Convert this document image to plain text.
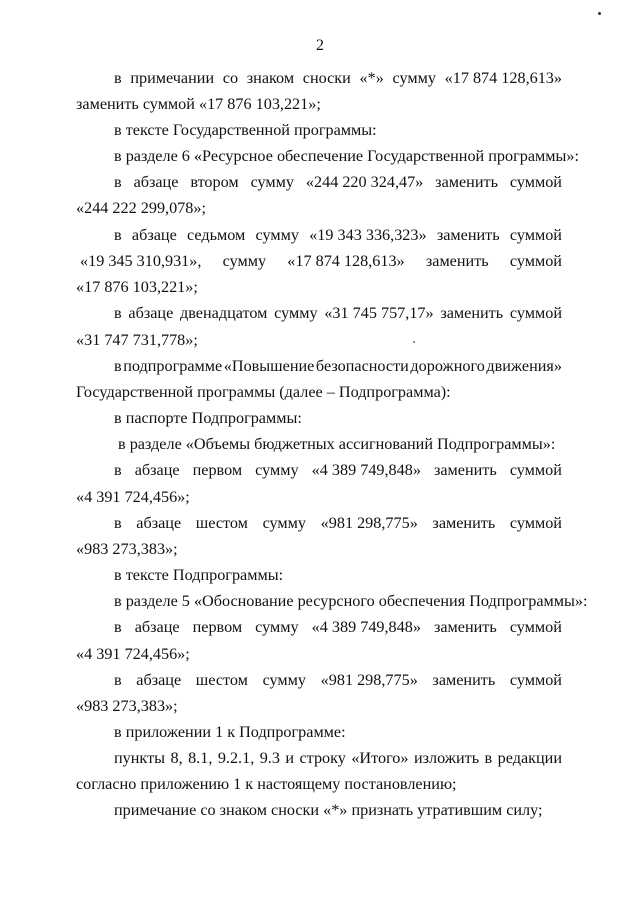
2
в примечании со знаком сноски «*» сумму «17 874 128,613»
заменить суммой «17 876 103,221»;
в тексте Государственной программы:
в разделе 6 «Ресурсное обеспечение Государственной программы»:
в абзаце втором сумму «244 220 324,47» заменить суммой
«244 222 299,078»;
в абзаце седьмом сумму «19 343 336,323» заменить суммой
«19 345 310,931», сумму «17 874 128,613» заменить суммой
«17 876 103,221»;
в абзаце двенадцатом сумму «31 745 757,17» заменить суммой
«31 747 731,778»;
в подпрограмме «Повышение безопасности дорожного движения»
Государственной программы (далее – Подпрограмма):
в паспорте Подпрограммы:
в разделе «Объемы бюджетных ассигнований Подпрограммы»:
в абзаце первом сумму «4 389 749,848» заменить суммой
«4 391 724,456»;
в абзаце шестом сумму «981 298,775» заменить суммой
«983 273,383»;
в тексте Подпрограммы:
в разделе 5 «Обоснование ресурсного обеспечения Подпрограммы»:
в абзаце первом сумму «4 389 749,848» заменить суммой
«4 391 724,456»;
в абзаце шестом сумму «981 298,775» заменить суммой
«983 273,383»;
в приложении 1 к Подпрограмме:
пункты 8, 8.1, 9.2.1, 9.3 и строку «Итого» изложить в редакции
согласно приложению 1 к настоящему постановлению;
примечание со знаком сноски «*» признать утратившим силу;
